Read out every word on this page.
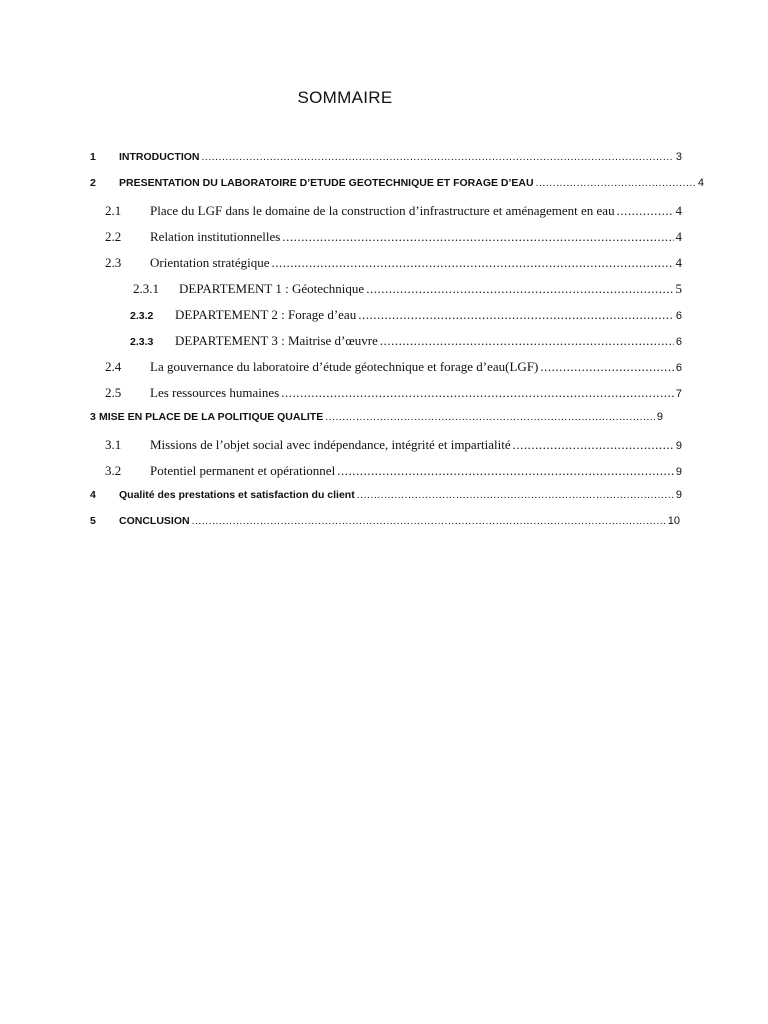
SOMMAIRE
1	INTRODUCTION .....	3
2	PRESENTATION DU LABORATOIRE D’ETUDE GEOTECHNIQUE ET FORAGE D’EAU .....	4
2.1	Place du LGF dans le domaine de la construction d’infrastructure et aménagement en eau .....	4
2.2	Relation institutionnelles .....	4
2.3	Orientation stratégique .....	4
2.3.1	DEPARTEMENT 1 : Géotechnique .....	5
2.3.2	DEPARTEMENT 2 : Forage d’eau .....	6
2.3.3	DEPARTEMENT 3 : Maitrise d’œuvre .....	6
2.4	La gouvernance du laboratoire d’étude géotechnique et forage d’eau(LGF) .....	6
2.5	Les ressources humaines .....	7
3 MISE EN PLACE DE LA POLITIQUE QUALITE .....	9
3.1	Missions de l’objet social avec indépendance, intégrité et impartialité .....	9
3.2	Potentiel permanent et opérationnel .....	9
4	Qualité des prestations et satisfaction du client .....	9
5	CONCLUSION .....	10
